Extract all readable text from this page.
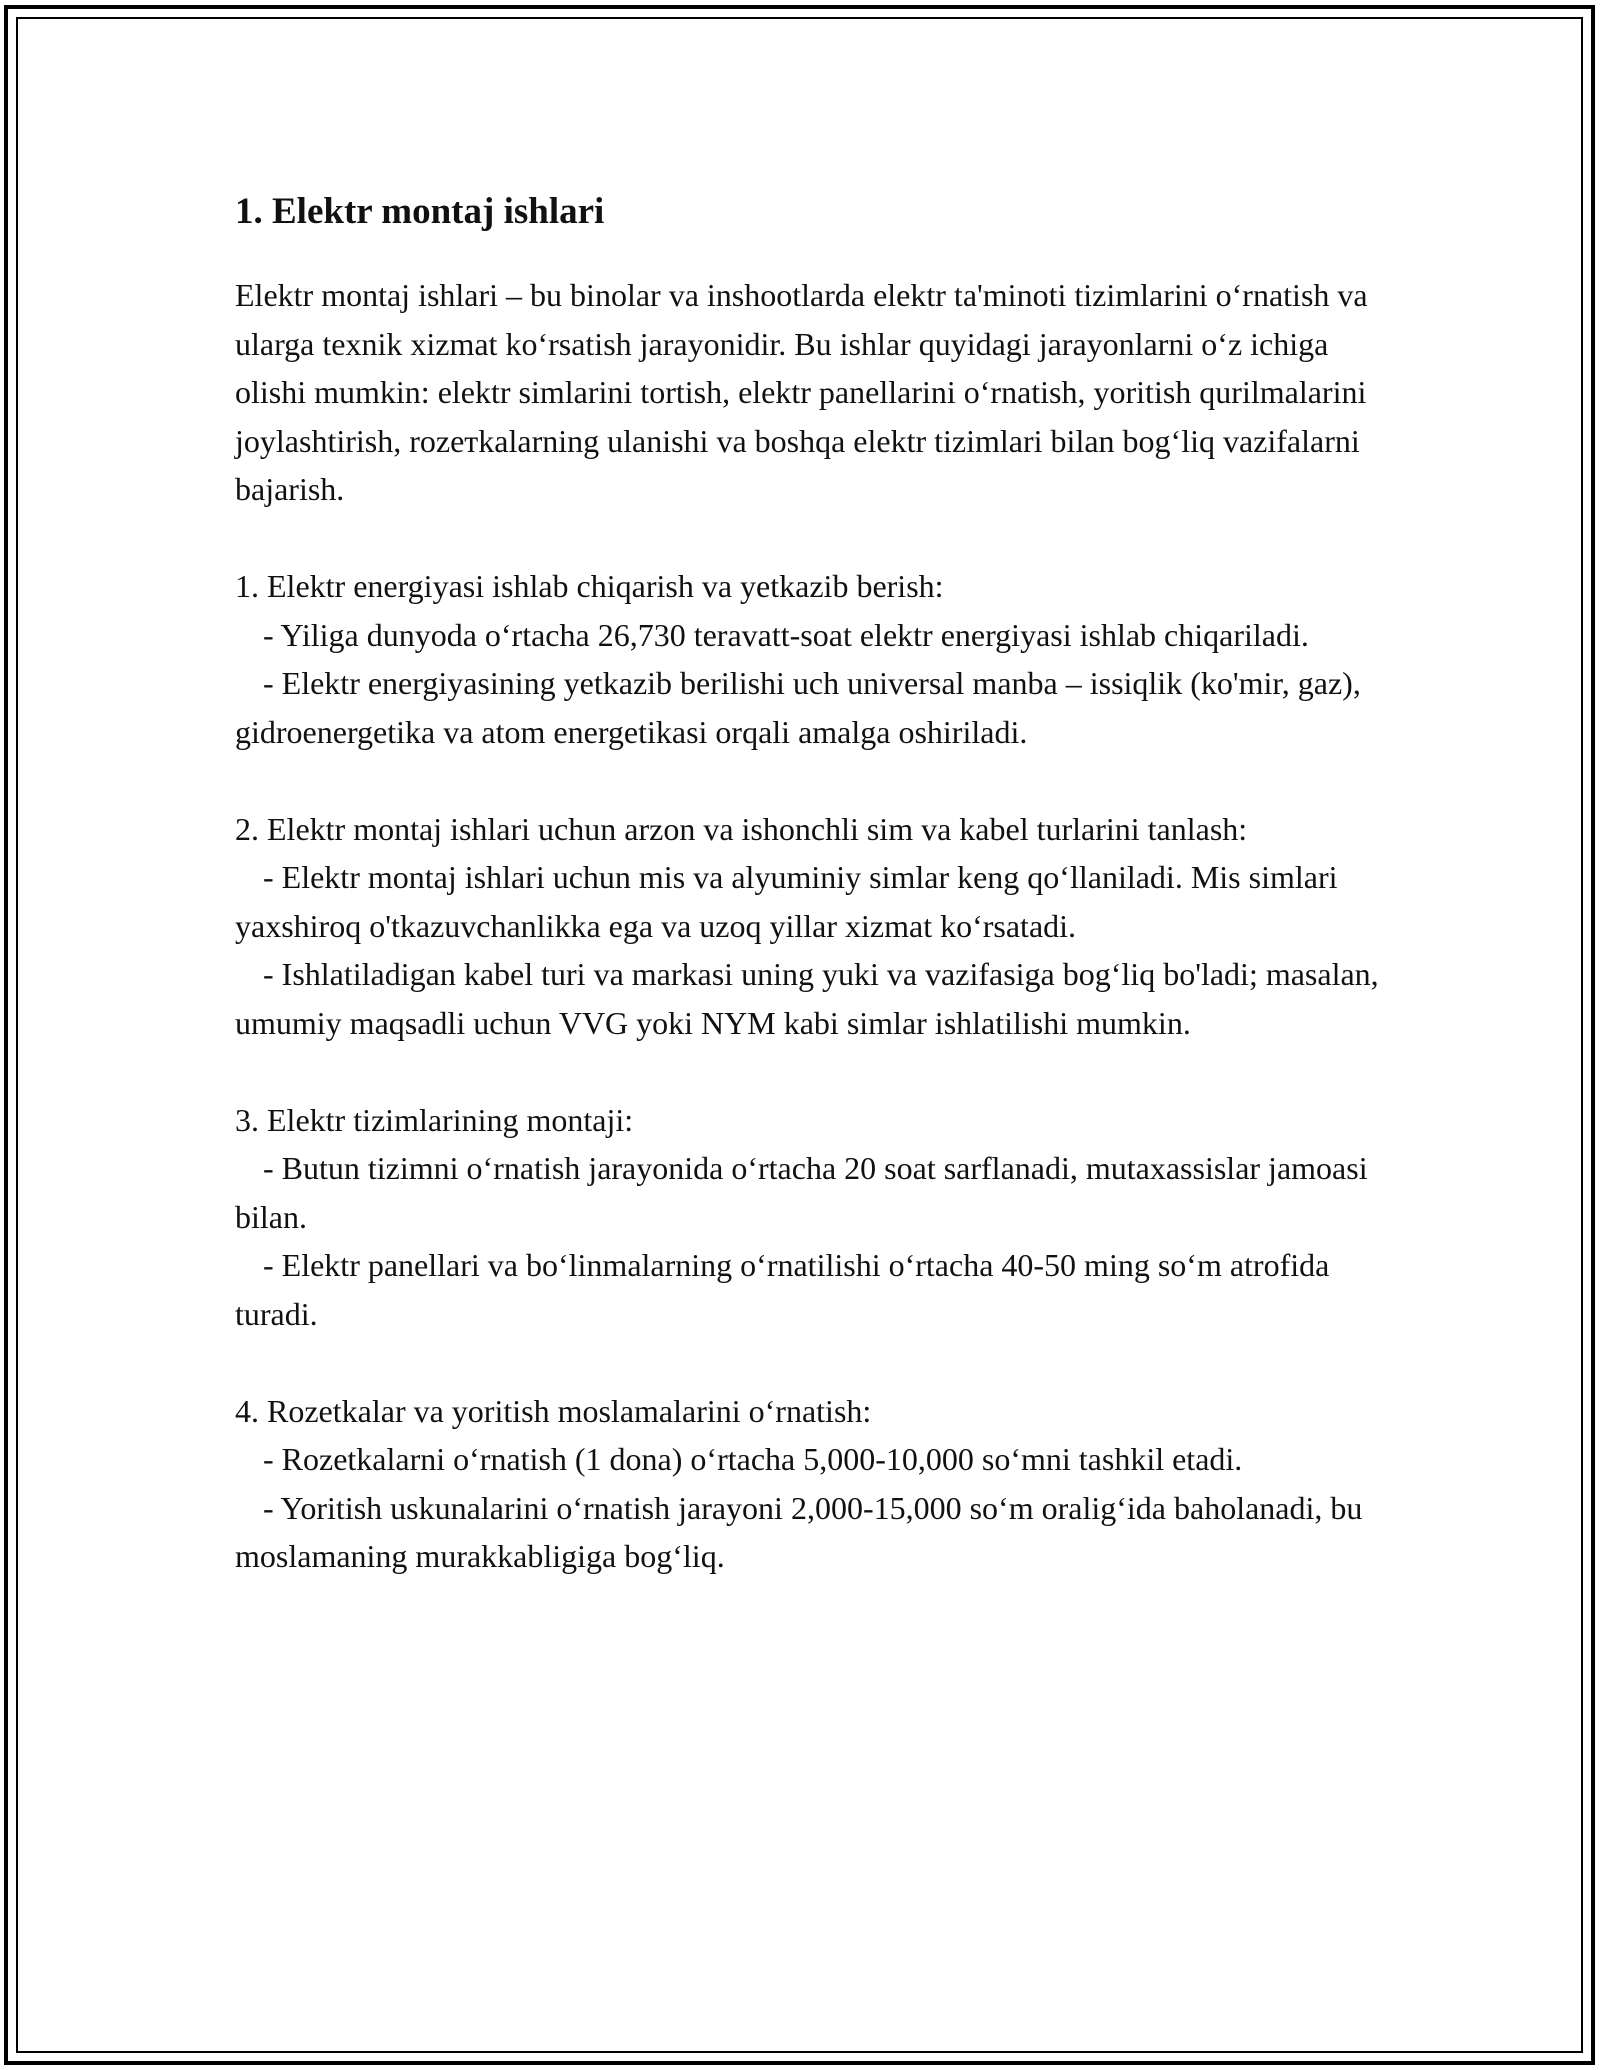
1. Elektr montaj ishlari

Elektr montaj ishlari – bu binolar va inshootlarda elektr ta'minoti tizimlarini o‘rnatish va ularga texnik xizmat ko‘rsatish jarayonidir. Bu ishlar quyidagi jarayonlarni o‘z ichiga olishi mumkin: elektr simlarini tortish, elektr panellarini o‘rnatish, yoritish qurilmalarini joylashtirish, rozeтkalarning ulanishi va boshqa elektr tizimlari bilan bog‘liq vazifalarni bajarish.

1. Elektr energiyasi ishlab chiqarish va yetkazib berish:

- Yiliga dunyoda o‘rtacha 26,730 teravatt-soat elektr energiyasi ishlab chiqariladi.

- Elektr energiyasining yetkazib berilishi uch universal manba – issiqlik (ko'mir, gaz), gidroenergetika va atom energetikasi orqali amalga oshiriladi.

2. Elektr montaj ishlari uchun arzon va ishonchli sim va kabel turlarini tanlash:

- Elektr montaj ishlari uchun mis va alyuminiy simlar keng qo‘llaniladi. Mis simlari yaxshiroq o'tkazuvchanlikka ega va uzoq yillar xizmat ko‘rsatadi.

- Ishlatiladigan kabel turi va markasi uning yuki va vazifasiga bog‘liq bo'ladi; masalan, umumiy maqsadli uchun VVG yoki NYM kabi simlar ishlatilishi mumkin.

3. Elektr tizimlarining montaji:

- Butun tizimni o‘rnatish jarayonida o‘rtacha 20 soat sarflanadi, mutaxassislar jamoasi bilan.

- Elektr panellari va bo‘linmalarning o‘rnatilishi o‘rtacha 40-50 ming so‘m atrofida turadi.

4. Rozetkalar va yoritish moslamalarini o‘rnatish:

- Rozetkalarni o‘rnatish (1 dona) o‘rtacha 5,000-10,000 so‘mni tashkil etadi.

- Yoritish uskunalarini o‘rnatish jarayoni 2,000-15,000 so‘m oralig‘ida baholanadi, bu moslamaning murakkabligiga bog‘liq.
